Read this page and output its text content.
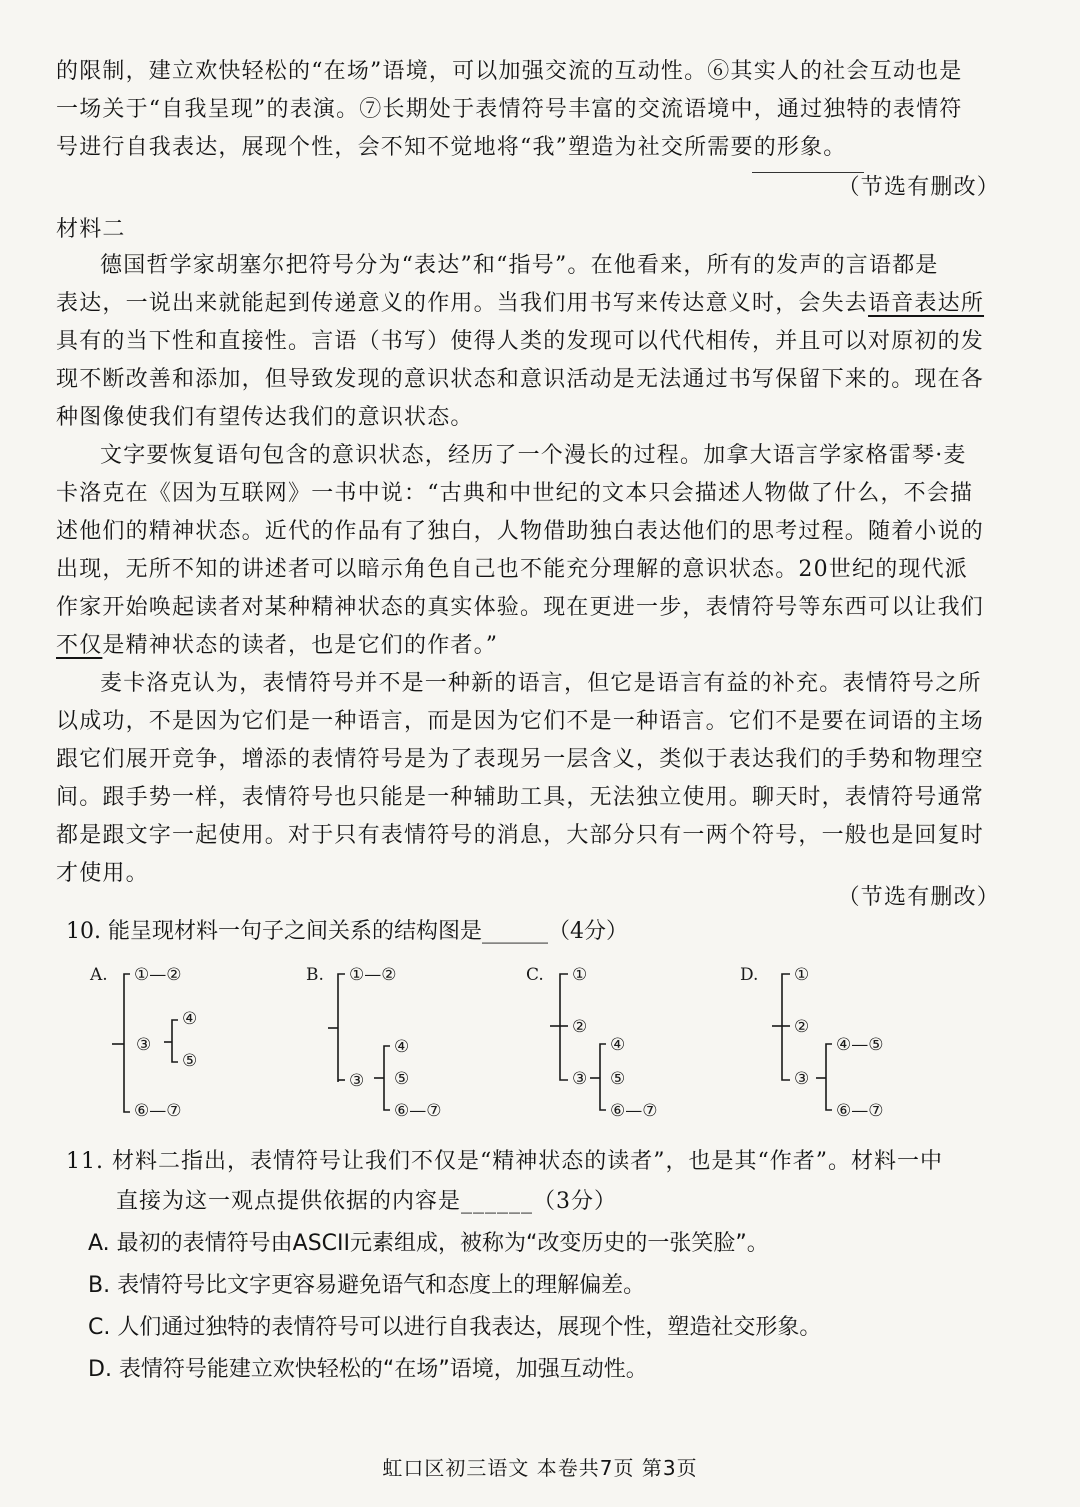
的限制，建立欢快轻松的“在场”语境，可以加强交流的互动性。⑥其实人的社会互动也是
一场关于“自我呈现”的表演。⑦长期处于表情符号丰富的交流语境中，通过独特的表情符
号进行自我表达，展现个性，会不知不觉地将“我”塑造为社交所需要的形象。
（节选有删改）
材料二
德国哲学家胡塞尔把符号分为“表达”和“指号”。在他看来，所有的发声的言语都是
表达，一说出来就能起到传递意义的作用。当我们用书写来传达意义时，会失去语音表达所
具有的当下性和直接性。言语（书写）使得人类的发现可以代代相传，并且可以对原初的发
现不断改善和添加，但导致发现的意识状态和意识活动是无法通过书写保留下来的。现在各
种图像使我们有望传达我们的意识状态。
文字要恢复语句包含的意识状态，经历了一个漫长的过程。加拿大语言学家格雷琴·麦
卡洛克在《因为互联网》一书中说：“古典和中世纪的文本只会描述人物做了什么，不会描
述他们的精神状态。近代的作品有了独白，人物借助独白表达他们的思考过程。随着小说的
出现，无所不知的讲述者可以暗示角色自己也不能充分理解的意识状态。20世纪的现代派
作家开始唤起读者对某种精神状态的真实体验。现在更进一步，表情符号等东西可以让我们
不仅是精神状态的读者，也是它们的作者。”
麦卡洛克认为，表情符号并不是一种新的语言，但它是语言有益的补充。表情符号之所
以成功，不是因为它们是一种语言，而是因为它们不是一种语言。它们不是要在词语的主场
跟它们展开竞争，增添的表情符号是为了表现另一层含义，类似于表达我们的手势和物理空
间。跟手势一样，表情符号也只能是一种辅助工具，无法独立使用。聊天时，表情符号通常
都是跟文字一起使用。对于只有表情符号的消息，大部分只有一两个符号，一般也是回复时
才使用。
（节选有删改）
10. 能呈现材料一句子之间关系的结构图是______（4分）
A. ①—②
③
④
⑤
⑥—⑦
B. ①—②
③
④
⑤
⑥—⑦
C. ①
②
③
④
⑤
⑥—⑦
D. ①
②
③
④—⑤
⑥—⑦
11. 材料二指出，表情符号让我们不仅是“精神状态的读者”，也是其“作者”。材料一中
直接为这一观点提供依据的内容是______（3分）
A. 最初的表情符号由ASCII元素组成，被称为“改变历史的一张笑脸”。
B. 表情符号比文字更容易避免语气和态度上的理解偏差。
C. 人们通过独特的表情符号可以进行自我表达，展现个性，塑造社交形象。
D. 表情符号能建立欢快轻松的“在场”语境，加强互动性。
虹口区初三语文 本卷共7页 第3页
